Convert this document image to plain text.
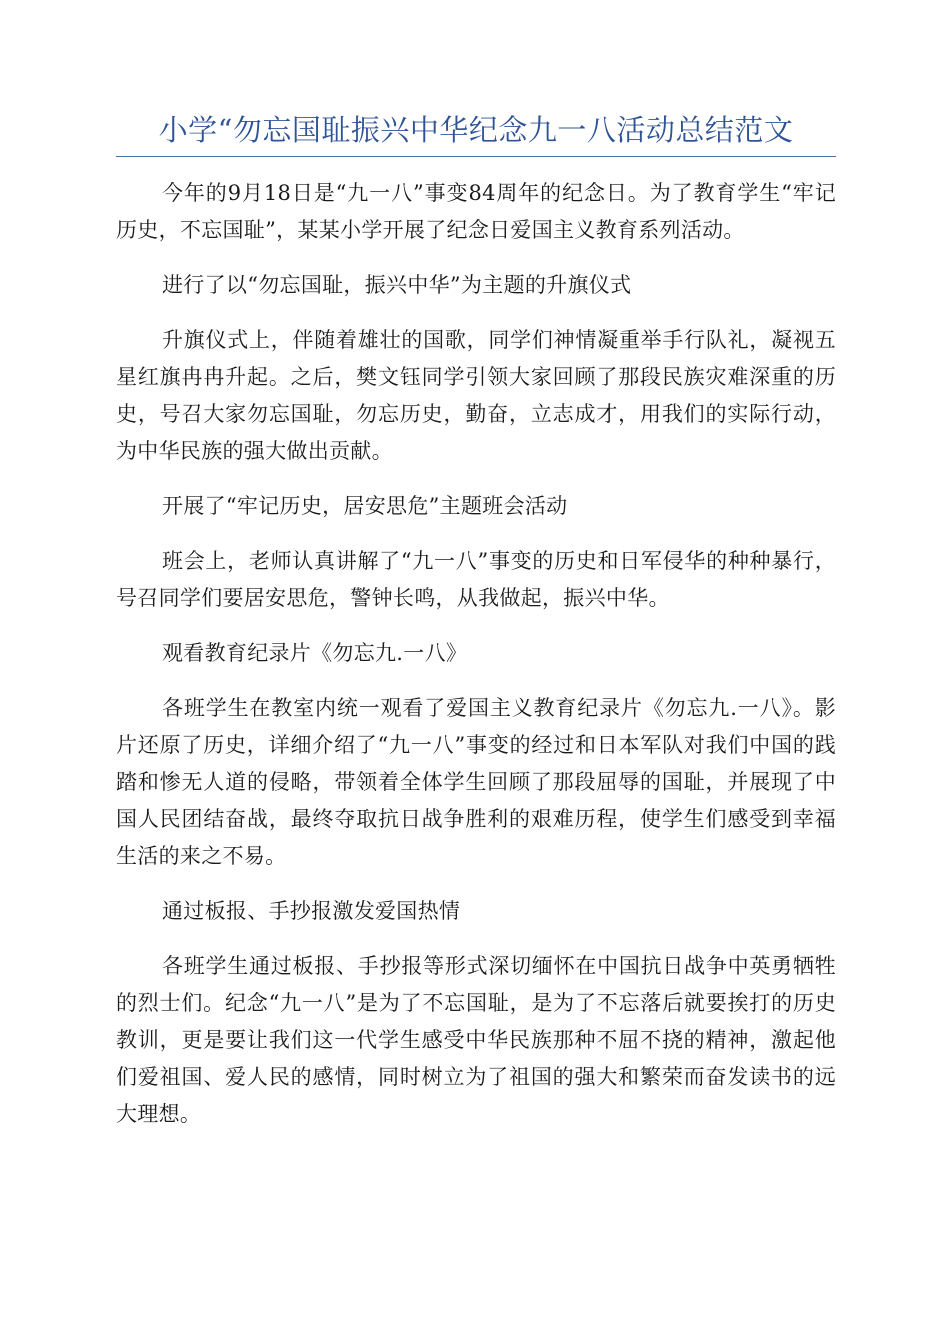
小学“勿忘国耻振兴中华纪念九一八活动总结范文

今年的9月18日是“九一八”事变84周年的纪念日。为了教育学生“牢记历史，不忘国耻”，某某小学开展了纪念日爱国主义教育系列活动。

进行了以“勿忘国耻，振兴中华”为主题的升旗仪式

升旗仪式上，伴随着雄壮的国歌，同学们神情凝重举手行队礼，凝视五星红旗冉冉升起。之后，樊文钰同学引领大家回顾了那段民族灾难深重的历史，号召大家勿忘国耻，勿忘历史，勤奋，立志成才，用我们的实际行动，为中华民族的强大做出贡献。

开展了“牢记历史，居安思危”主题班会活动

班会上，老师认真讲解了“九一八”事变的历史和日军侵华的种种暴行，号召同学们要居安思危，警钟长鸣，从我做起，振兴中华。

观看教育纪录片《勿忘九.一八》

各班学生在教室内统一观看了爱国主义教育纪录片《勿忘九.一八》。影片还原了历史，详细介绍了“九一八”事变的经过和日本军队对我们中国的践踏和惨无人道的侵略，带领着全体学生回顾了那段屈辱的国耻，并展现了中国人民团结奋战，最终夺取抗日战争胜利的艰难历程，使学生们感受到幸福生活的来之不易。

通过板报、手抄报激发爱国热情

各班学生通过板报、手抄报等形式深切缅怀在中国抗日战争中英勇牺牲的烈士们。纪念“九一八”是为了不忘国耻，是为了不忘落后就要挨打的历史教训，更是要让我们这一代学生感受中华民族那种不屈不挠的精神，激起他们爱祖国、爱人民的感情，同时树立为了祖国的强大和繁荣而奋发读书的远大理想。
